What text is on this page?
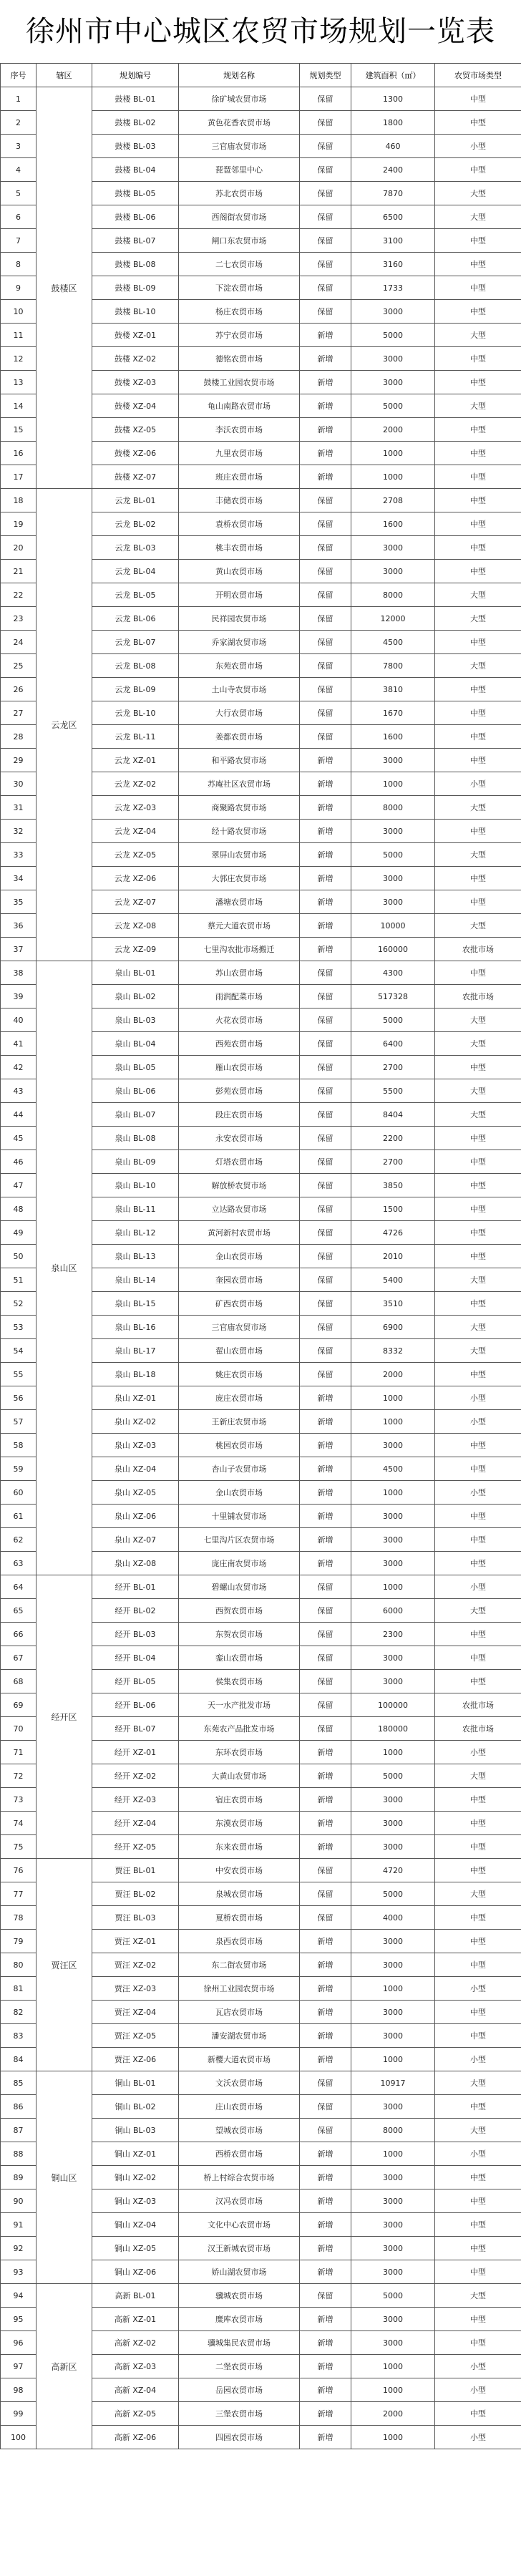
徐州市中心城区农贸市场规划一览表
序号	辖区	规划编号	规划名称	规划类型	建筑面积（㎡）	农贸市场类型
1	鼓楼区	鼓楼 BL-01	徐矿城农贸市场	保留	1300	中型
2		鼓楼 BL-02	黄色花香农贸市场	保留	1800	中型
3		鼓楼 BL-03	三官庙农贸市场	保留	460	小型
4		鼓楼 BL-04	琵琶邻里中心	保留	2400	中型
5		鼓楼 BL-05	苏北农贸市场	保留	7870	大型
6		鼓楼 BL-06	西阁街农贸市场	保留	6500	大型
7		鼓楼 BL-07	闸口东农贸市场	保留	3100	中型
8		鼓楼 BL-08	二七农贸市场	保留	3160	中型
9		鼓楼 BL-09	下淀农贸市场	保留	1733	中型
10		鼓楼 BL-10	杨庄农贸市场	保留	3000	中型
11		鼓楼 XZ-01	苏宁农贸市场	新增	5000	大型
12		鼓楼 XZ-02	德铭农贸市场	新增	3000	中型
13		鼓楼 XZ-03	鼓楼工业园农贸市场	新增	3000	中型
14		鼓楼 XZ-04	龟山南路农贸市场	新增	5000	大型
15		鼓楼 XZ-05	李沃农贸市场	新增	2000	中型
16		鼓楼 XZ-06	九里农贸市场	新增	1000	中型
17		鼓楼 XZ-07	班庄农贸市场	新增	1000	中型
18	云龙区	云龙 BL-01	丰储农贸市场	保留	2708	中型
19		云龙 BL-02	袁桥农贸市场	保留	1600	中型
20		云龙 BL-03	桃丰农贸市场	保留	3000	中型
21		云龙 BL-04	黄山农贸市场	保留	3000	中型
22		云龙 BL-05	开明农贸市场	保留	8000	大型
23		云龙 BL-06	民祥园农贸市场	保留	12000	大型
24		云龙 BL-07	乔家湖农贸市场	保留	4500	中型
25		云龙 BL-08	东苑农贸市场	保留	7800	大型
26		云龙 BL-09	土山寺农贸市场	保留	3810	中型
27		云龙 BL-10	大行农贸市场	保留	1670	中型
28		云龙 BL-11	姜都农贸市场	保留	1600	中型
29		云龙 XZ-01	和平路农贸市场	新增	3000	中型
30		云龙 XZ-02	苏庵社区农贸市场	新增	1000	小型
31		云龙 XZ-03	商聚路农贸市场	新增	8000	大型
32		云龙 XZ-04	经十路农贸市场	新增	3000	中型
33		云龙 XZ-05	翠屏山农贸市场	新增	5000	大型
34		云龙 XZ-06	大郭庄农贸市场	新增	3000	中型
35		云龙 XZ-07	潘塘农贸市场	新增	3000	中型
36		云龙 XZ-08	蔡元大道农贸市场	新增	10000	大型
37		云龙 XZ-09	七里沟农批市场搬迁	新增	160000	农批市场
38	泉山区	泉山 BL-01	苏山农贸市场	保留	4300	中型
39		泉山 BL-02	雨润配菜市场	保留	517328	农批市场
40		泉山 BL-03	火花农贸市场	保留	5000	大型
41		泉山 BL-04	西苑农贸市场	保留	6400	大型
42		泉山 BL-05	雁山农贸市场	保留	2700	中型
43		泉山 BL-06	彭苑农贸市场	保留	5500	大型
44		泉山 BL-07	段庄农贸市场	保留	8404	大型
45		泉山 BL-08	永安农贸市场	保留	2200	中型
46		泉山 BL-09	灯塔农贸市场	保留	2700	中型
47		泉山 BL-10	解放桥农贸市场	保留	3850	中型
48		泉山 BL-11	立达路农贸市场	保留	1500	中型
49		泉山 BL-12	黄河新村农贸市场	保留	4726	中型
50		泉山 BL-13	金山农贸市场	保留	2010	中型
51		泉山 BL-14	奎园农贸市场	保留	5400	大型
52		泉山 BL-15	矿西农贸市场	保留	3510	中型
53		泉山 BL-16	三官庙农贸市场	保留	6900	大型
54		泉山 BL-17	翟山农贸市场	保留	8332	大型
55		泉山 BL-18	姚庄农贸市场	保留	2000	中型
56		泉山 XZ-01	庞庄农贸市场	新增	1000	小型
57		泉山 XZ-02	王新庄农贸市场	新增	1000	小型
58		泉山 XZ-03	桃园农贸市场	新增	3000	中型
59		泉山 XZ-04	杏山子农贸市场	新增	4500	中型
60		泉山 XZ-05	金山农贸市场	新增	1000	小型
61		泉山 XZ-06	十里铺农贸市场	新增	3000	中型
62		泉山 XZ-07	七里沟片区农贸市场	新增	3000	中型
63		泉山 XZ-08	庞庄南农贸市场	新增	3000	中型
64	经开区	经开 BL-01	碧螺山农贸市场	保留	1000	小型
65		经开 BL-02	西贺农贸市场	保留	6000	大型
66		经开 BL-03	东贺农贸市场	保留	2300	中型
67		经开 BL-04	銮山农贸市场	保留	3000	中型
68		经开 BL-05	侯集农贸市场	保留	3000	中型
69		经开 BL-06	天一水产批发市场	保留	100000	农批市场
70		经开 BL-07	东苑农产品批发市场	保留	180000	农批市场
71		经开 XZ-01	东环农贸市场	新增	1000	小型
72		经开 XZ-02	大黄山农贸市场	新增	5000	大型
73		经开 XZ-03	宿庄农贸市场	新增	3000	中型
74		经开 XZ-04	东漠农贸市场	新增	3000	中型
75		经开 XZ-05	东来农贸市场	新增	3000	中型
76	贾汪区	贾汪 BL-01	中安农贸市场	保留	4720	中型
77		贾汪 BL-02	泉城农贸市场	保留	5000	大型
78		贾汪 BL-03	夏桥农贸市场	保留	4000	中型
79		贾汪 XZ-01	泉西农贸市场	新增	3000	中型
80		贾汪 XZ-02	东二街农贸市场	新增	3000	中型
81		贾汪 XZ-03	徐州工业园农贸市场	新增	1000	小型
82		贾汪 XZ-04	瓦店农贸市场	新增	3000	中型
83		贾汪 XZ-05	潘安湖农贸市场	新增	3000	中型
84		贾汪 XZ-06	新樱大道农贸市场	新增	1000	小型
85	铜山区	铜山 BL-01	文沃农贸市场	保留	10917	大型
86		铜山 BL-02	庄山农贸市场	保留	3000	中型
87		铜山 BL-03	望城农贸市场	保留	8000	大型
88		铜山 XZ-01	西桥农贸市场	新增	1000	小型
89		铜山 XZ-02	桥上村综合农贸市场	新增	3000	中型
90		铜山 XZ-03	汉冯农贸市场	新增	3000	中型
91		铜山 XZ-04	文化中心农贸市场	新增	3000	中型
92		铜山 XZ-05	汉王新城农贸市场	新增	3000	中型
93		铜山 XZ-06	娇山湖农贸市场	新增	3000	中型
94	高新区	高新 BL-01	骥城农贸市场	保留	5000	大型
95		高新 XZ-01	糜库农贸市场	新增	3000	中型
96		高新 XZ-02	骥城集民农贸市场	新增	3000	中型
97		高新 XZ-03	二堡农贸市场	新增	1000	小型
98		高新 XZ-04	岳园农贸市场	新增	1000	小型
99		高新 XZ-05	三堡农贸市场	新增	2000	中型
100		高新 XZ-06	四园农贸市场	新增	1000	小型
